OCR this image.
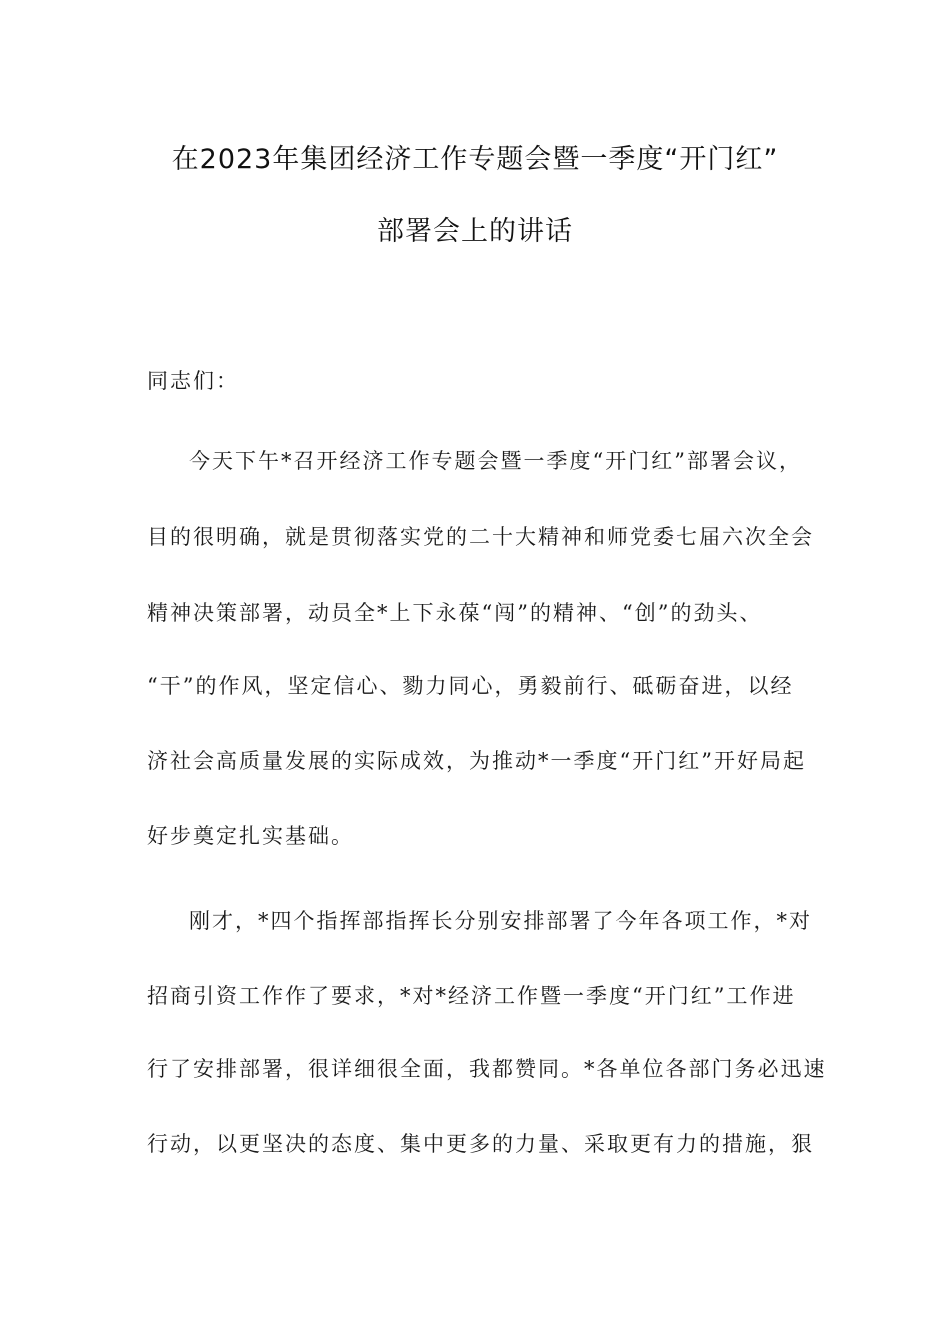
在2023年集团经济工作专题会暨一季度“开门红”
部署会上的讲话
同志们：
今天下午*召开经济工作专题会暨一季度“开门红”部署会议，
目的很明确，就是贯彻落实党的二十大精神和师党委七届六次全会
精神决策部署，动员全*上下永葆“闯”的精神、“创”的劲头、
“干”的作风，坚定信心、勠力同心，勇毅前行、砥砺奋进，以经
济社会高质量发展的实际成效，为推动*一季度“开门红”开好局起
好步奠定扎实基础。
刚才，*四个指挥部指挥长分别安排部署了今年各项工作，*对
招商引资工作作了要求，*对*经济工作暨一季度“开门红”工作进
行了安排部署，很详细很全面，我都赞同。*各单位各部门务必迅速
行动，以更坚决的态度、集中更多的力量、采取更有力的措施，狠
